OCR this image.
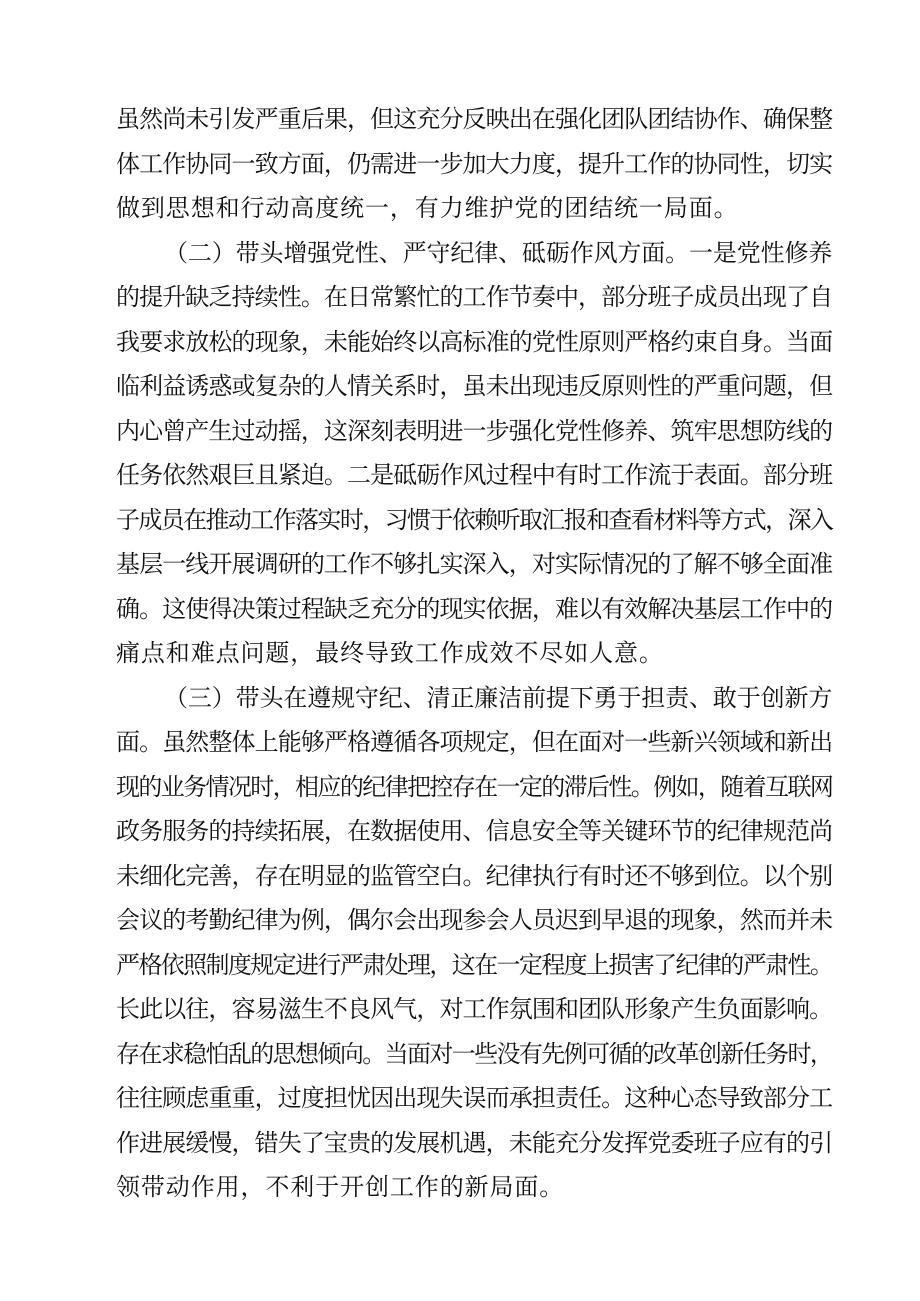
虽然尚未引发严重后果，但这充分反映出在强化团队团结协作、确保整
体工作协同一致方面，仍需进一步加大力度，提升工作的协同性，切实
做到思想和行动高度统一，有力维护党的团结统一局面。

（二）带头增强党性、严守纪律、砥砺作风方面。一是党性修养
的提升缺乏持续性。在日常繁忙的工作节奏中，部分班子成员出现了自
我要求放松的现象，未能始终以高标准的党性原则严格约束自身。当面
临利益诱惑或复杂的人情关系时，虽未出现违反原则性的严重问题，但
内心曾产生过动摇，这深刻表明进一步强化党性修养、筑牢思想防线的
任务依然艰巨且紧迫。二是砥砺作风过程中有时工作流于表面。部分班
子成员在推动工作落实时，习惯于依赖听取汇报和查看材料等方式，深入
基层一线开展调研的工作不够扎实深入，对实际情况的了解不够全面准
确。这使得决策过程缺乏充分的现实依据，难以有效解决基层工作中的
痛点和难点问题，最终导致工作成效不尽如人意。

（三）带头在遵规守纪、清正廉洁前提下勇于担责、敢于创新方
面。虽然整体上能够严格遵循各项规定，但在面对一些新兴领域和新出
现的业务情况时，相应的纪律把控存在一定的滞后性。例如，随着互联网
政务服务的持续拓展，在数据使用、信息安全等关键环节的纪律规范尚
未细化完善，存在明显的监管空白。纪律执行有时还不够到位。以个别
会议的考勤纪律为例，偶尔会出现参会人员迟到早退的现象，然而并未
严格依照制度规定进行严肃处理，这在一定程度上损害了纪律的严肃性。
长此以往，容易滋生不良风气，对工作氛围和团队形象产生负面影响。
存在求稳怕乱的思想倾向。当面对一些没有先例可循的改革创新任务时，
往往顾虑重重，过度担忧因出现失误而承担责任。这种心态导致部分工
作进展缓慢，错失了宝贵的发展机遇，未能充分发挥党委班子应有的引
领带动作用，不利于开创工作的新局面。
